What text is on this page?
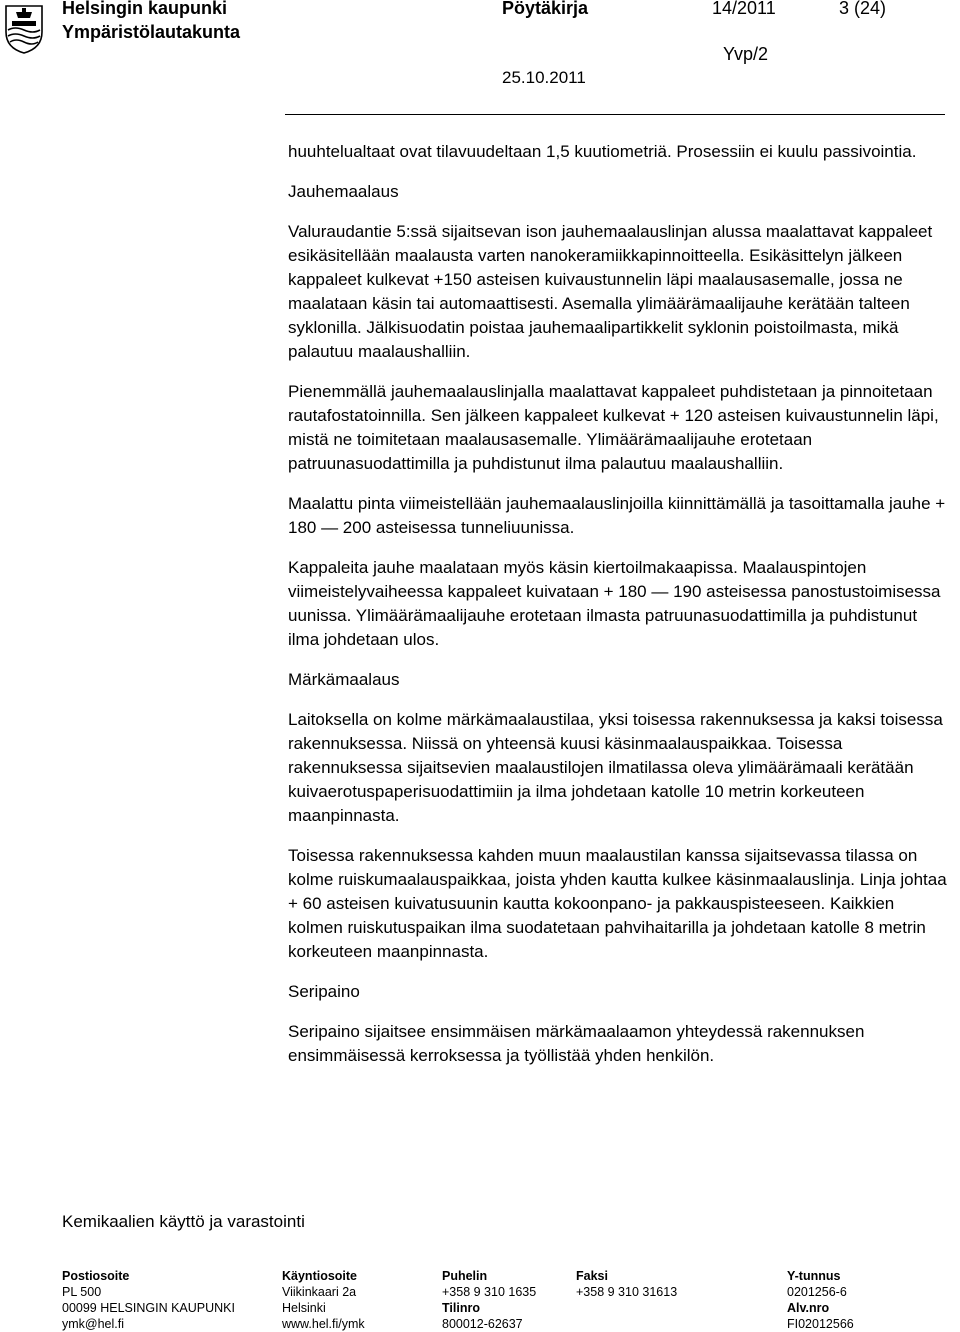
Helsingin kaupunki
Ympäristölautakunta
Pöytäkirja	14/2011	3 (24)
Yvp/2
25.10.2011

huuhtelualtaat ovat tilavuudeltaan 1,5 kuutiometriä. Prosessiin ei kuulu passivointia.

Jauhemaalaus

Valuraudantie 5:ssä sijaitsevan ison jauhemaalauslinjan alussa maalattavat kappaleet esikäsitellään maalausta varten nanokeramiikkapinnoitteella. Esikäsittelyn jälkeen kappaleet kulkevat +150 asteisen kuivaustunnelin läpi maalausasemalle, jossa ne maalataan käsin tai automaattisesti. Asemalla ylimäärämaalijauhe kerätään talteen syklonilla. Jälkisuodatin poistaa jauhemaalipartikkelit syklonin poistoilmasta, mikä palautuu maalaushalliin.

Pienemmällä jauhemaalauslinjalla maalattavat kappaleet puhdistetaan ja pinnoitetaan rautafostatoinnilla. Sen jälkeen kappaleet kulkevat + 120 asteisen kuivaustunnelin läpi, mistä ne toimitetaan maalausasemalle. Ylimäärämaalijauhe erotetaan patruunasuodattimilla ja puhdistunut ilma palautuu maalaushalliin.

Maalattu pinta viimeistellään jauhemaalauslinjoilla kiinnittämällä ja tasoittamalla jauhe + 180 — 200 asteisessa tunneliuunissa.

Kappaleita jauhe maalataan myös käsin kiertoilmakaapissa. Maalauspintojen viimeistelyvaiheessa kappaleet kuivataan + 180 — 190 asteisessa panostustoimisessa uunissa. Ylimäärämaalijauhe erotetaan ilmasta patruunasuodattimilla ja puhdistunut ilma johdetaan ulos.

Märkämaalaus

Laitoksella on kolme märkämaalaustilaa, yksi toisessa rakennuksessa ja kaksi toisessa rakennuksessa. Niissä on yhteensä kuusi käsinmaalauspaikkaa. Toisessa rakennuksessa sijaitsevien maalaustilojen ilmatilassa oleva ylimäärämaali kerätään kuivaerotuspaperisuodattimiin ja ilma johdetaan katolle 10 metrin korkeuteen maanpinnasta.

Toisessa rakennuksessa kahden muun maalaustilan kanssa sijaitsevassa tilassa on kolme ruiskumaalauspaikkaa, joista yhden kautta kulkee käsinmaalauslinja. Linja johtaa + 60 asteisen kuivatusuunin kautta kokoonpano- ja pakkauspisteeseen. Kaikkien kolmen ruiskutuspaikan ilma suodatetaan pahvihaitarilla ja johdetaan katolle 8 metrin korkeuteen maanpinnasta.

Seripaino

Seripaino sijaitsee ensimmäisen märkämaalaamon yhteydessä rakennuksen ensimmäisessä kerroksessa ja työllistää yhden henkilön.

Kemikaalien käyttö ja varastointi
Postiosoite
PL 500
00099 HELSINGIN KAUPUNKI
ymk@hel.fi
Käyntiosoite
Viikinkaari 2a
Helsinki
www.hel.fi/ymk
Puhelin
+358 9 310 1635
Tilinro
800012-62637
Faksi
+358 9 310 31613
Y-tunnus
0201256-6
Alv.nro
FI02012566
